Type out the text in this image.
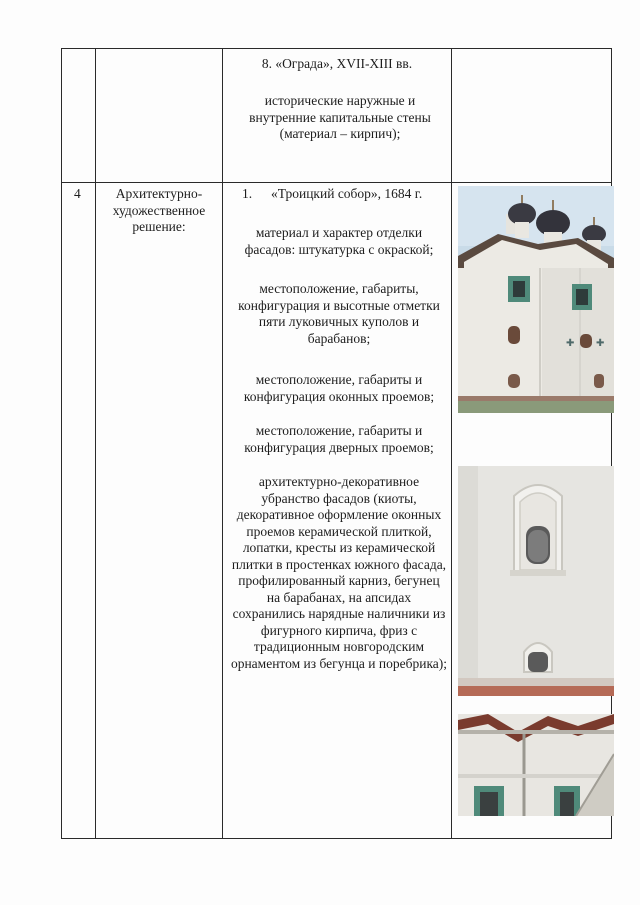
8. «Ограда», XVII-XIII вв.
исторические наружные и внутренние капитальные стены (материал – кирпич);
4	Архитектурно-художественное решение:
1. «Троицкий собор», 1684 г.
материал и характер отделки фасадов: штукатурка с окраской;
местоположение, габариты, конфигурация и высотные отметки пяти луковичных куполов и барабанов;
местоположение, габариты и конфигурация оконных проемов;
местоположение, габариты и конфигурация дверных проемов;
архитектурно-декоративное убранство фасадов (киоты, декоративное оформление оконных проемов керамической плиткой, лопатки, кресты из керамической плитки в простенках южного фасада, профилированный карниз, бегунец на барабанах, на апсидах сохранились нарядные наличники из фигурного кирпича, фриз с традиционным новгородским орнаментом из бегунца и поребрика);
✚ ✚
